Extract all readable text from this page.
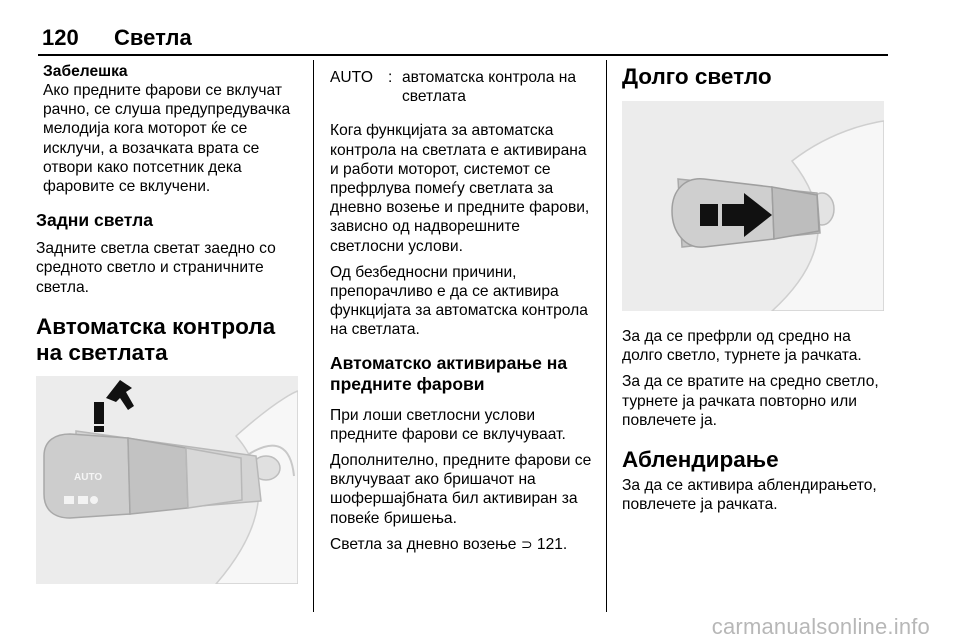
120 Светла
Забелешка
Ако предните фарови се вклучат рачно, се слуша предупредувачка мелодија кога моторот ќе се исклучи, а возачката врата се отвори како потсетник дека фаровите се вклучени.
Задни светла

Задните светла светат заедно со средното светло и страничните светла.

Автоматска контрола на светлата
AUTO
AUTO : автоматска контрола на светлата

Кога функцијата за автоматска контрола на светлата е активирана и работи моторот, системот се префрлува помеѓу светлата за дневно возење и предните фарови, зависно од надворешните светлосни услови.

Од безбедносни причини, препорачливо е да се активира функцијата за автоматска контрола на светлата.

Автоматско активирање на предните фарови

При лоши светлосни услови предните фарови се вклучуваат.

Дополнително, предните фарови се вклучуваат ако бришачот на шофершајбната бил активиран за повеќе бришења.

Светла за дневно возење ⊃ 121.

Долго светло

За да се префрли од средно на долго светло, турнете ја рачката.

За да се вратите на средно светло, турнете ја рачката повторно или повлечете ја.

Аблендирање

За да се активира аблендирањето, повлечете ја рачката.

carmanualsonline.info
